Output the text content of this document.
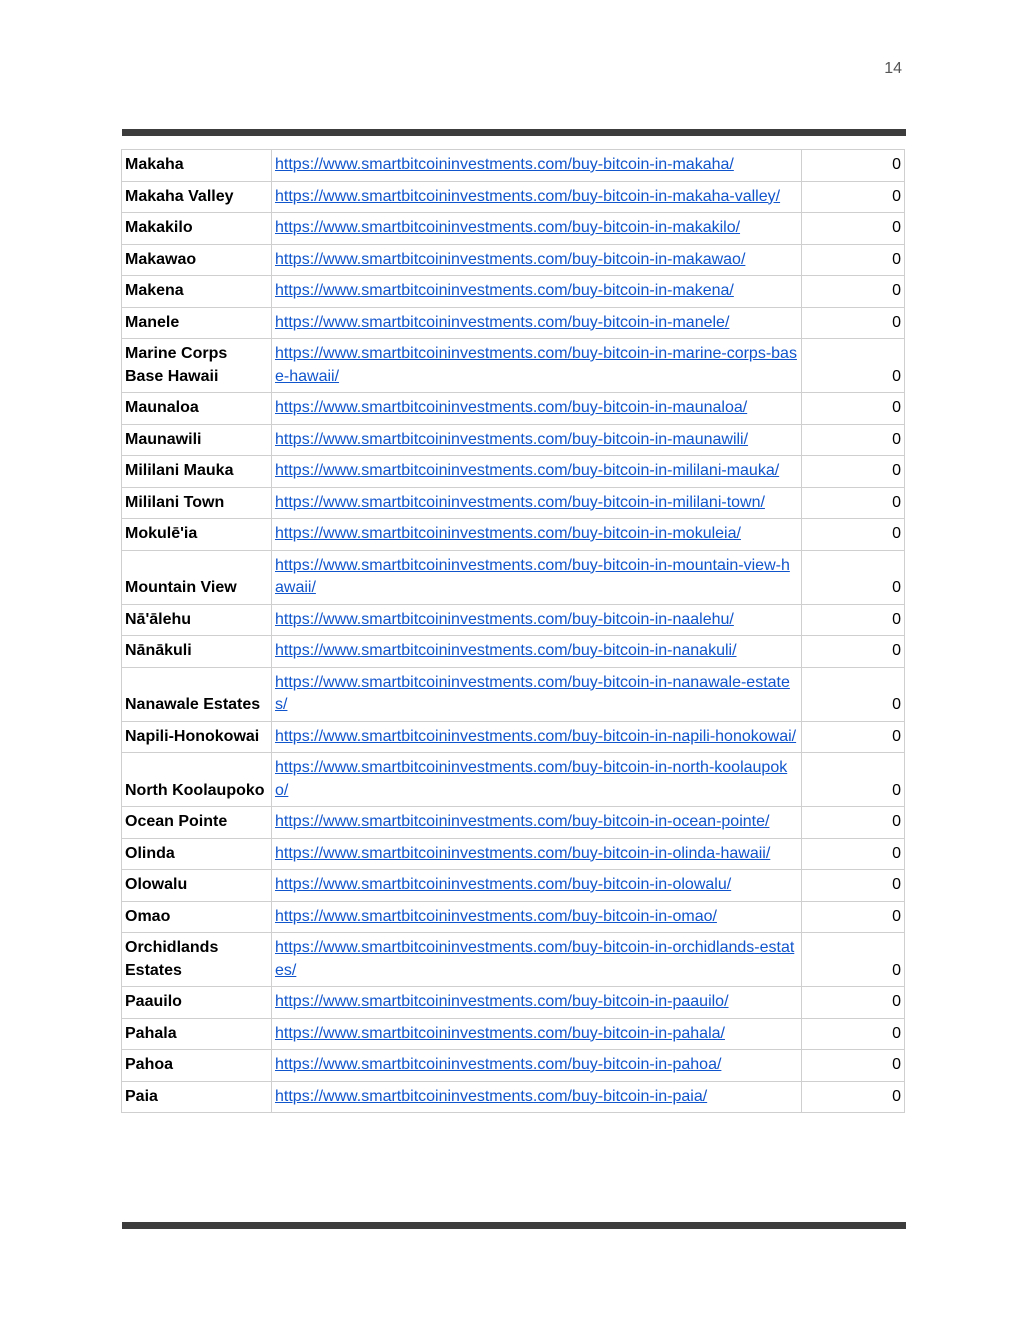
14
Makaha	https://www.smartbitcoininvestments.com/buy-bitcoin-in-makaha/	0
Makaha Valley	https://www.smartbitcoininvestments.com/buy-bitcoin-in-makaha-valley/	0
Makakilo	https://www.smartbitcoininvestments.com/buy-bitcoin-in-makakilo/	0
Makawao	https://www.smartbitcoininvestments.com/buy-bitcoin-in-makawao/	0
Makena	https://www.smartbitcoininvestments.com/buy-bitcoin-in-makena/	0
Manele	https://www.smartbitcoininvestments.com/buy-bitcoin-in-manele/	0
Marine Corps Base Hawaii	https://www.smartbitcoininvestments.com/buy-bitcoin-in-marine-corps-base-hawaii/	0
Maunaloa	https://www.smartbitcoininvestments.com/buy-bitcoin-in-maunaloa/	0
Maunawili	https://www.smartbitcoininvestments.com/buy-bitcoin-in-maunawili/	0
Mililani Mauka	https://www.smartbitcoininvestments.com/buy-bitcoin-in-mililani-mauka/	0
Mililani Town	https://www.smartbitcoininvestments.com/buy-bitcoin-in-mililani-town/	0
Mokulē'ia	https://www.smartbitcoininvestments.com/buy-bitcoin-in-mokuleia/	0
Mountain View	https://www.smartbitcoininvestments.com/buy-bitcoin-in-mountain-view-hawaii/	0
Nā'ālehu	https://www.smartbitcoininvestments.com/buy-bitcoin-in-naalehu/	0
Nānākuli	https://www.smartbitcoininvestments.com/buy-bitcoin-in-nanakuli/	0
Nanawale Estates	https://www.smartbitcoininvestments.com/buy-bitcoin-in-nanawale-estates/	0
Napili-Honokowai	https://www.smartbitcoininvestments.com/buy-bitcoin-in-napili-honokowai/	0
North Koolaupoko	https://www.smartbitcoininvestments.com/buy-bitcoin-in-north-koolaupoko/	0
Ocean Pointe	https://www.smartbitcoininvestments.com/buy-bitcoin-in-ocean-pointe/	0
Olinda	https://www.smartbitcoininvestments.com/buy-bitcoin-in-olinda-hawaii/	0
Olowalu	https://www.smartbitcoininvestments.com/buy-bitcoin-in-olowalu/	0
Omao	https://www.smartbitcoininvestments.com/buy-bitcoin-in-omao/	0
Orchidlands Estates	https://www.smartbitcoininvestments.com/buy-bitcoin-in-orchidlands-estates/	0
Paauilo	https://www.smartbitcoininvestments.com/buy-bitcoin-in-paauilo/	0
Pahala	https://www.smartbitcoininvestments.com/buy-bitcoin-in-pahala/	0
Pahoa	https://www.smartbitcoininvestments.com/buy-bitcoin-in-pahoa/	0
Paia	https://www.smartbitcoininvestments.com/buy-bitcoin-in-paia/	0
